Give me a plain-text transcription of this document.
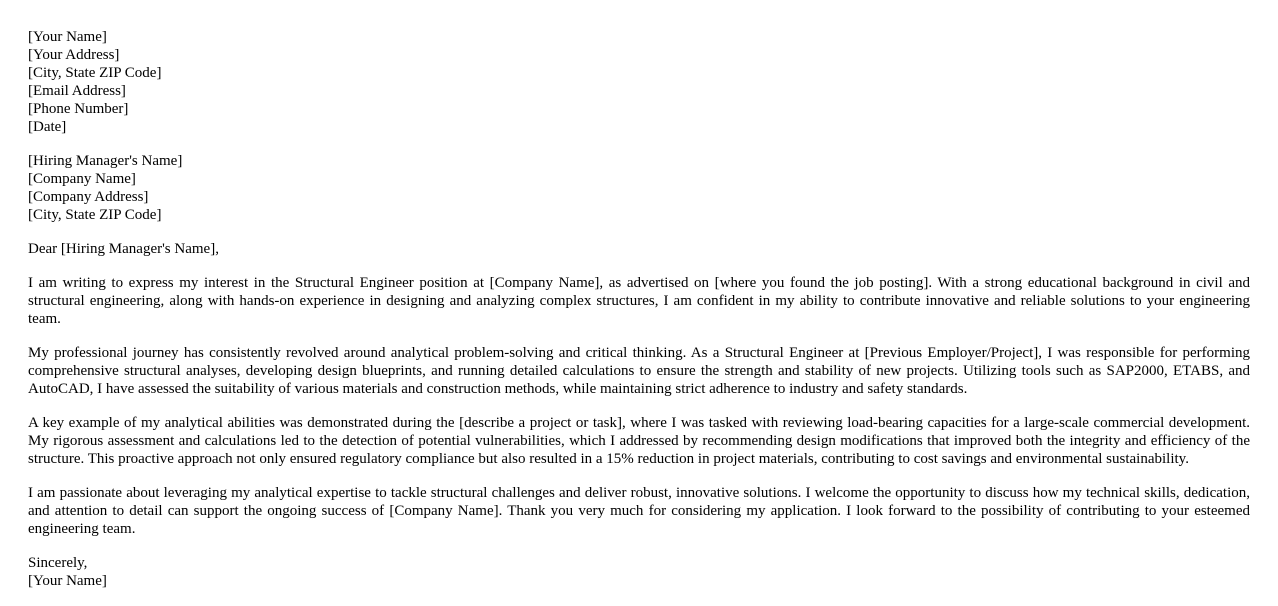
[Your Name]
[Your Address]
[City, State ZIP Code]
[Email Address]
[Phone Number]
[Date]
[Hiring Manager's Name]
[Company Name]
[Company Address]
[City, State ZIP Code]

Dear [Hiring Manager's Name],

I am writing to express my interest in the Structural Engineer position at [Company Name], as advertised on [where you found the job posting]. With a strong educational background in civil and structural engineering, along with hands-on experience in designing and analyzing complex structures, I am confident in my ability to contribute innovative and reliable solutions to your engineering team.

My professional journey has consistently revolved around analytical problem-solving and critical thinking. As a Structural Engineer at [Previous Employer/Project], I was responsible for performing comprehensive structural analyses, developing design blueprints, and running detailed calculations to ensure the strength and stability of new projects. Utilizing tools such as SAP2000, ETABS, and AutoCAD, I have assessed the suitability of various materials and construction methods, while maintaining strict adherence to industry and safety standards.

A key example of my analytical abilities was demonstrated during the [describe a project or task], where I was tasked with reviewing load-bearing capacities for a large-scale commercial development. My rigorous assessment and calculations led to the detection of potential vulnerabilities, which I addressed by recommending design modifications that improved both the integrity and efficiency of the structure. This proactive approach not only ensured regulatory compliance but also resulted in a 15% reduction in project materials, contributing to cost savings and environmental sustainability.

I am passionate about leveraging my analytical expertise to tackle structural challenges and deliver robust, innovative solutions. I welcome the opportunity to discuss how my technical skills, dedication, and attention to detail can support the ongoing success of [Company Name]. Thank you very much for considering my application. I look forward to the possibility of contributing to your esteemed engineering team.

Sincerely,
[Your Name]
